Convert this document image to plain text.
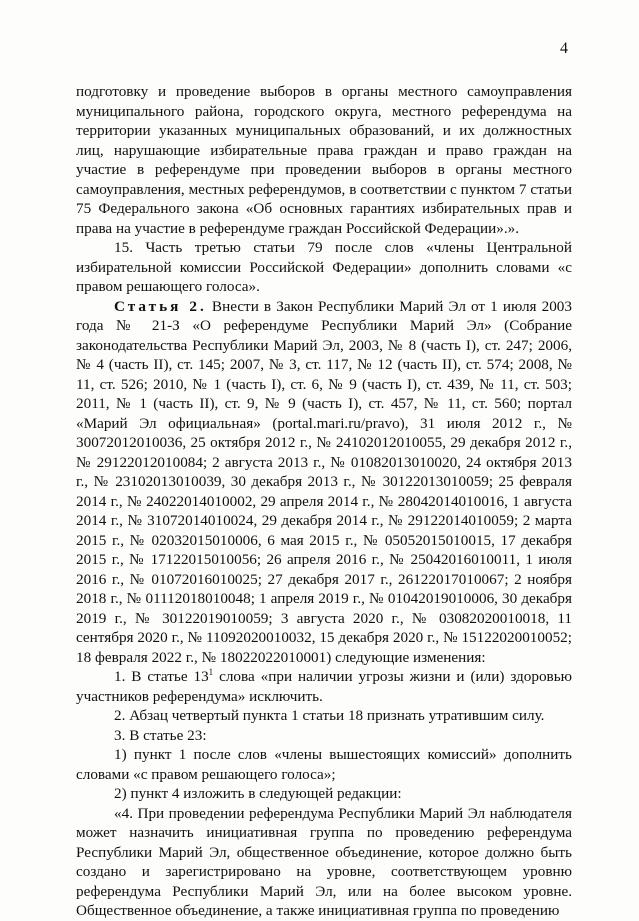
4

подготовку и проведение выборов в органы местного самоуправления муниципального района, городского округа, местного референдума на территории указанных муниципальных образований, и их должностных лиц, нарушающие избирательные права граждан и право граждан на участие в референдуме при проведении выборов в органы местного самоуправления, местных референдумов, в соответствии с пунктом 7 статьи 75 Федерального закона «Об основных гарантиях избирательных прав и права на участие в референдуме граждан Российской Федерации».».

15. Часть третью статьи 79 после слов «члены Центральной избирательной комиссии Российской Федерации» дополнить словами «с правом решающего голоса».

Статья 2. Внести в Закон Республики Марий Эл от 1 июля 2003 года № 21-З «О референдуме Республики Марий Эл» (Собрание законодательства Республики Марий Эл, 2003, № 8 (часть I), ст. 247; 2006, № 4 (часть II), ст. 145; 2007, № 3, ст. 117, № 12 (часть II), ст. 574; 2008, № 11, ст. 526; 2010, № 1 (часть I), ст. 6, № 9 (часть I), ст. 439, № 11, ст. 503; 2011, № 1 (часть II), ст. 9, № 9 (часть I), ст. 457, № 11, ст. 560; портал «Марий Эл официальная» (portal.mari.ru/pravo), 31 июля 2012 г., № 30072012010036, 25 октября 2012 г., № 24102012010055, 29 декабря 2012 г., № 29122012010084; 2 августа 2013 г., № 01082013010020, 24 октября 2013 г., № 23102013010039, 30 декабря 2013 г., № 30122013010059; 25 февраля 2014 г., № 24022014010002, 29 апреля 2014 г., № 28042014010016, 1 августа 2014 г., № 31072014010024, 29 декабря 2014 г., № 29122014010059; 2 марта 2015 г., № 02032015010006, 6 мая 2015 г., № 05052015010015, 17 декабря 2015 г., № 17122015010056; 26 апреля 2016 г., № 25042016010011, 1 июля 2016 г., № 01072016010025; 27 декабря 2017 г., 26122017010067; 2 ноября 2018 г., № 01112018010048; 1 апреля 2019 г., № 01042019010006, 30 декабря 2019 г., № 30122019010059; 3 августа 2020 г., № 03082020010018, 11 сентября 2020 г., № 11092020010032, 15 декабря 2020 г., № 15122020010052; 18 февраля 2022 г., № 18022022010001) следующие изменения:

1. В статье $13^1$ слова «при наличии угрозы жизни и (или) здоровью участников референдума» исключить.

2. Абзац четвертый пункта 1 статьи 18 признать утратившим силу.

3. В статье 23:

1) пункт 1 после слов «члены вышестоящих комиссий» дополнить словами «с правом решающего голоса»;

2) пункт 4 изложить в следующей редакции:

«4. При проведении референдума Республики Марий Эл наблюдателя может назначить инициативная группа по проведению референдума Республики Марий Эл, общественное объединение, которое должно быть создано и зарегистрировано на уровне, соответствующем уровню референдума Республики Марий Эл, или на более высоком уровне. Общественное объединение, а также инициативная группа по проведению
